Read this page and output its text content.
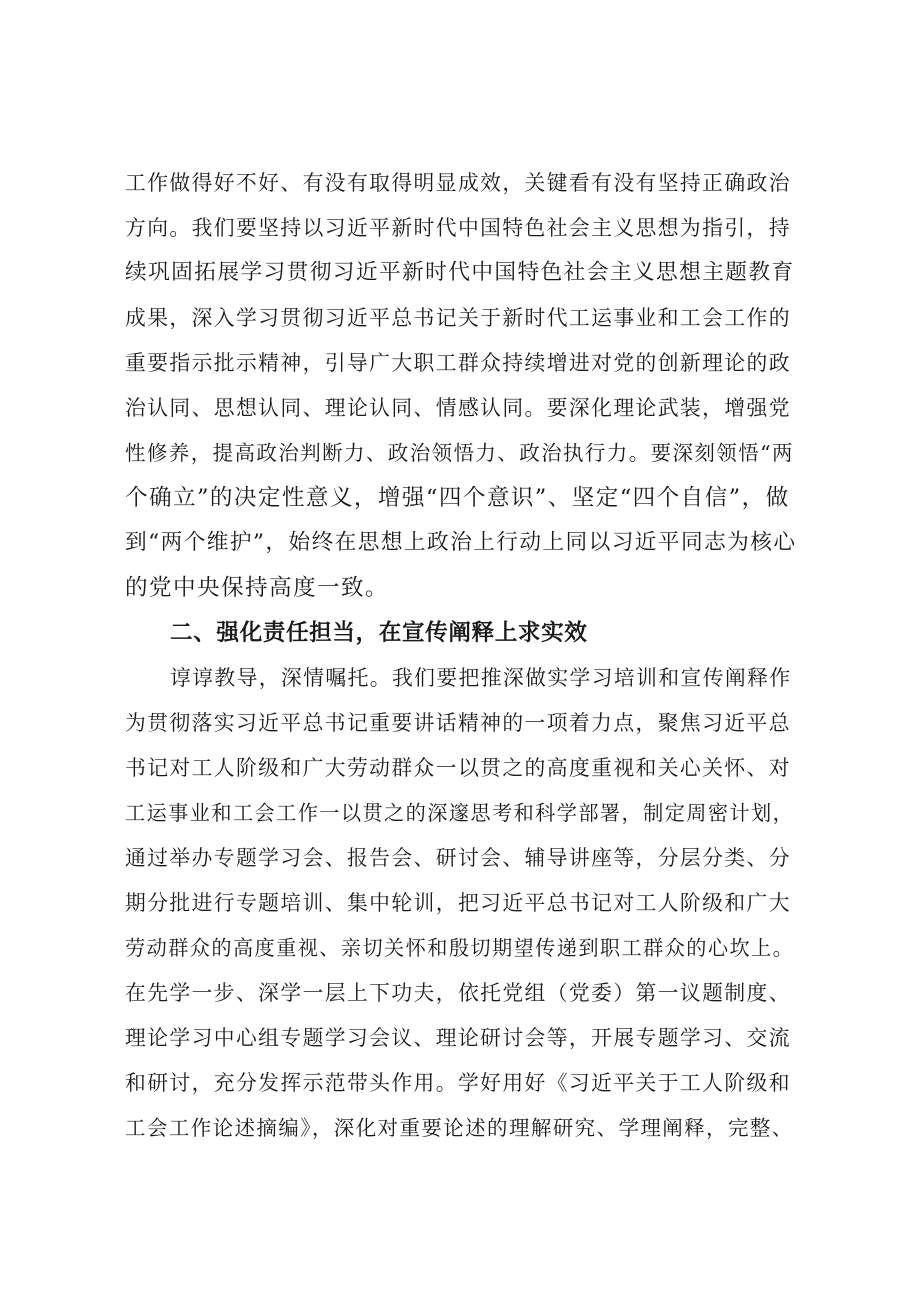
工作做得好不好、有没有取得明显成效，关键看有没有坚持正确政治
方向。我们要坚持以习近平新时代中国特色社会主义思想为指引，持
续巩固拓展学习贯彻习近平新时代中国特色社会主义思想主题教育
成果，深入学习贯彻习近平总书记关于新时代工运事业和工会工作的
重要指示批示精神，引导广大职工群众持续增进对党的创新理论的政
治认同、思想认同、理论认同、情感认同。要深化理论武装，增强党
性修养，提高政治判断力、政治领悟力、政治执行力。要深刻领悟“两
个确立”的决定性意义，增强“四个意识”、坚定“四个自信”，做
到“两个维护”，始终在思想上政治上行动上同以习近平同志为核心
的党中央保持高度一致。
二、强化责任担当，在宣传阐释上求实效
谆谆教导，深情嘱托。我们要把推深做实学习培训和宣传阐释作
为贯彻落实习近平总书记重要讲话精神的一项着力点，聚焦习近平总
书记对工人阶级和广大劳动群众一以贯之的高度重视和关心关怀、对
工运事业和工会工作一以贯之的深邃思考和科学部署，制定周密计划，
通过举办专题学习会、报告会、研讨会、辅导讲座等，分层分类、分
期分批进行专题培训、集中轮训，把习近平总书记对工人阶级和广大
劳动群众的高度重视、亲切关怀和殷切期望传递到职工群众的心坎上。
在先学一步、深学一层上下功夫，依托党组（党委）第一议题制度、
理论学习中心组专题学习会议、理论研讨会等，开展专题学习、交流
和研讨，充分发挥示范带头作用。学好用好《习近平关于工人阶级和
工会工作论述摘编》，深化对重要论述的理解研究、学理阐释，完整、
